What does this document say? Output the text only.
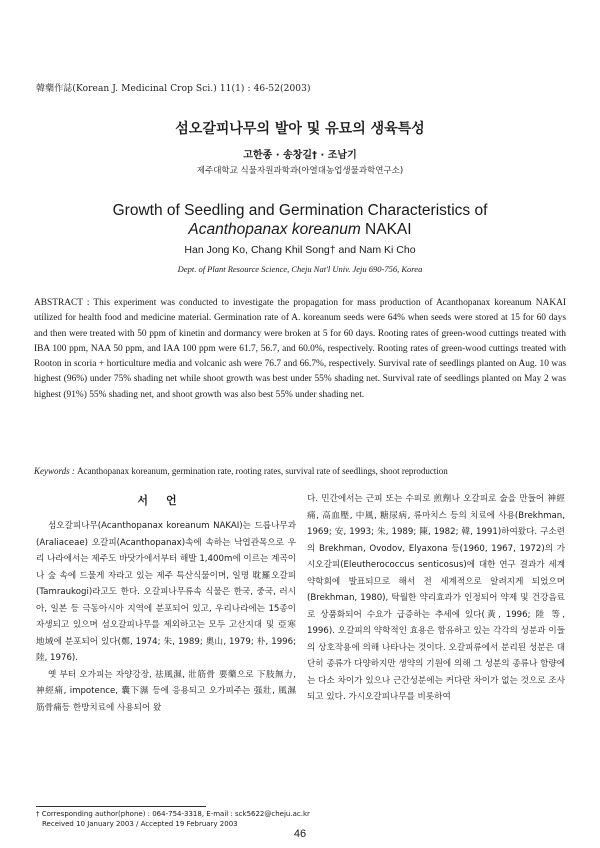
韓藥作誌(Korean J. Medicinal Crop Sci.) 11(1) : 46-52(2003)
섬오갈피나무의 발아 및 유묘의 생육특성
고한종 · 송창길† · 조남기
제주대학교 식물자원과학과(아열대농업생물과학연구소)
Growth of Seedling and Germination Characteristics of
Acanthopanax koreanum NAKAI
Han Jong Ko, Chang Khil Song† and Nam Ki Cho
Dept. of Plant Resource Science, Cheju Nat'l Univ. Jeju 690-756, Korea
ABSTRACT : This experiment was conducted to investigate the propagation for mass production of Acanthopanax koreanum NAKAI utilized for health food and medicine material. Germination rate of A. koreanum seeds were 64% when seeds were stored at 15 for 60 days and then were treated with 50 ppm of kinetin and dormancy were broken at 5 for 60 days. Rooting rates of green-wood cuttings treated with IBA 100 ppm, NAA 50 ppm, and IAA 100 ppm were 61.7, 56.7, and 60.0%, respectively. Rooting rates of green-wood cuttings treated with Rooton in scoria + horticulture media and volcanic ash were 76.7 and 66.7%, respectively. Survival rate of seedlings planted on Aug. 10 was highest (96%) under 75% shading net while shoot growth was best under 55% shading net. Survival rate of seedlings planted on May 2 was highest (91%) 55% shading net, and shoot growth was also best 55% under shading net.
Keywords : Acanthopanax koreanum, germination rate, rooting rates, survival rate of seedlings, shoot reproduction
서언

섬오갈피나무(Acanthopanax koreanum NAKAI)는 드릅나무과(Araliaceae) 오갈피(Acanthopanax)속에 속하는 낙엽관목으로 우리 나라에서는 제주도 바닷가에서부터 해발 1,400m에 이르는 계곡이나 숲 속에 드물게 자라고 있는 제주 특산식물이며, 일명 耽羅오갈피(Tamraukogi)라고도 한다. 오갈피나무류속 식물은 한국, 중국, 러시아, 일본 등 극동아시아 지역에 분포되어 있고, 우리나라에는 15종이 자생되고 있으며 섬오갈피나무를 제외하고는 모두 고산지대 및 亞寒地域에 분포되어 있다(鄭, 1974; 朱, 1989; 奧山, 1979; 朴, 1996; 陸, 1976).

옛 부터 오가피는 자양강장, 祛風濕, 壯筋骨 要藥으로 下肢無力, 神經痛, impotence, 囊下濕 등에 응용되고 오가피주는 强壯, 風濕 筋骨痛등 한방치료에 사용되어 왔

다. 민간에서는 근피 또는 수피로 煎劑나 오갈피로 술을 만들어 神經痛, 高血壓, 中風, 糖尿病, 류마치스 등의 치료에 사용(Brekhman, 1969; 安, 1993; 朱, 1989; 陳, 1982; 韓, 1991)하여왔다. 구소련의 Brekhman, Ovodov, Elyaxona 등(1960, 1967, 1972)의 가시오갈피(Eleutherococcus senticosus)에 대한 연구 결과가 세계 약학회에 발표되므로 해서 전 세계적으로 알려지게 되었으며(Brekhman, 1980), 탁월한 약리효과가 인정되어 약제 및 건강음료로 상품화되어 수요가 급증하는 추세에 있다(黃, 1996; 陸 等, 1996). 오갈피의 약학적인 효용은 함유하고 있는 각각의 성분과 이들의 상호작용에 의해 나타나는 것이다. 오갈피류에서 분리된 성분은 대단히 종류가 다양하지만 생약의 기원에 의해 그 성분의 종류나 함량에는 다소 차이가 있으나 근간성분에는 커다란 차이가 없는 것으로 조사되고 있다. 가시오갈피나무를 비롯하여

† Corresponding author(phone) : 064-754-3318, E-mail : sck5622@cheju.ac.kr
Received 10 January 2003 / Accepted 19 February 2003
46
